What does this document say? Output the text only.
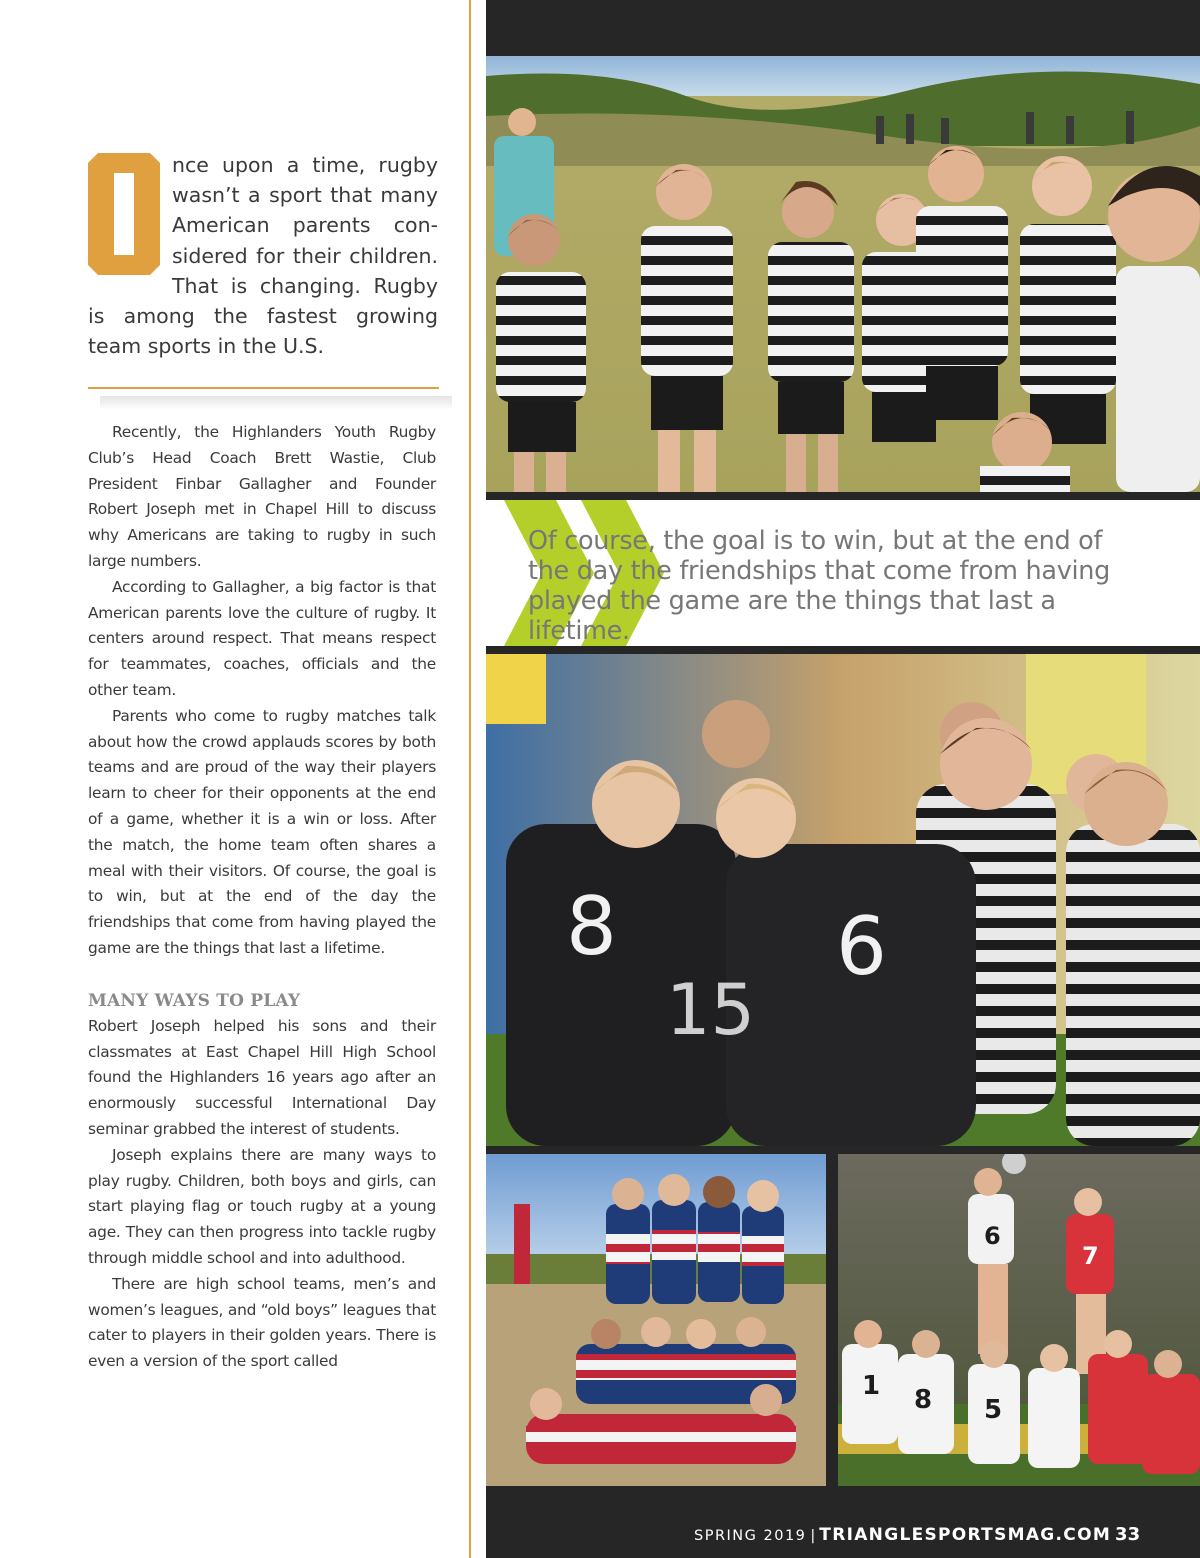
nce upon a time, rugby wasn’t a sport that many American parents considered for their children. That is changing. Rugby is among the fastest growing team sports in the U.S.

Recently, the Highlanders Youth Rugby Club’s Head Coach Brett Wastie, Club President Finbar Gallagher and Founder Robert Joseph met in Chapel Hill to discuss why Americans are taking to rugby in such large numbers.

According to Gallagher, a big factor is that American parents love the culture of rugby. It centers around respect. That means respect for teammates, coaches, officials and the other team.

Parents who come to rugby matches talk about how the crowd applauds scores by both teams and are proud of the way their players learn to cheer for their opponents at the end of a game, whether it is a win or loss. After the match, the home team often shares a meal with their visitors. Of course, the goal is to win, but at the end of the day the friendships that come from having played the game are the things that last a lifetime.

MANY WAYS TO PLAY

Robert Joseph helped his sons and their classmates at East Chapel Hill High School found the Highlanders 16 years ago after an enormously successful International Day seminar grabbed the interest of students.

Joseph explains there are many ways to play rugby. Children, both boys and girls, can start playing flag or touch rugby at a young age. They can then progress into tackle rugby through middle school and into adulthood.

There are high school teams, men’s and women’s leagues, and “old boys” leagues that cater to players in their golden years. There is even a version of the sport called

Of course, the goal is to win, but at the end of the day the friendships that come from having played the game are the things that last a lifetime.
8	6
15
6
7
1 8 5
SPRING 2019 | TRIANGLESPORTSMAG.COM 33
